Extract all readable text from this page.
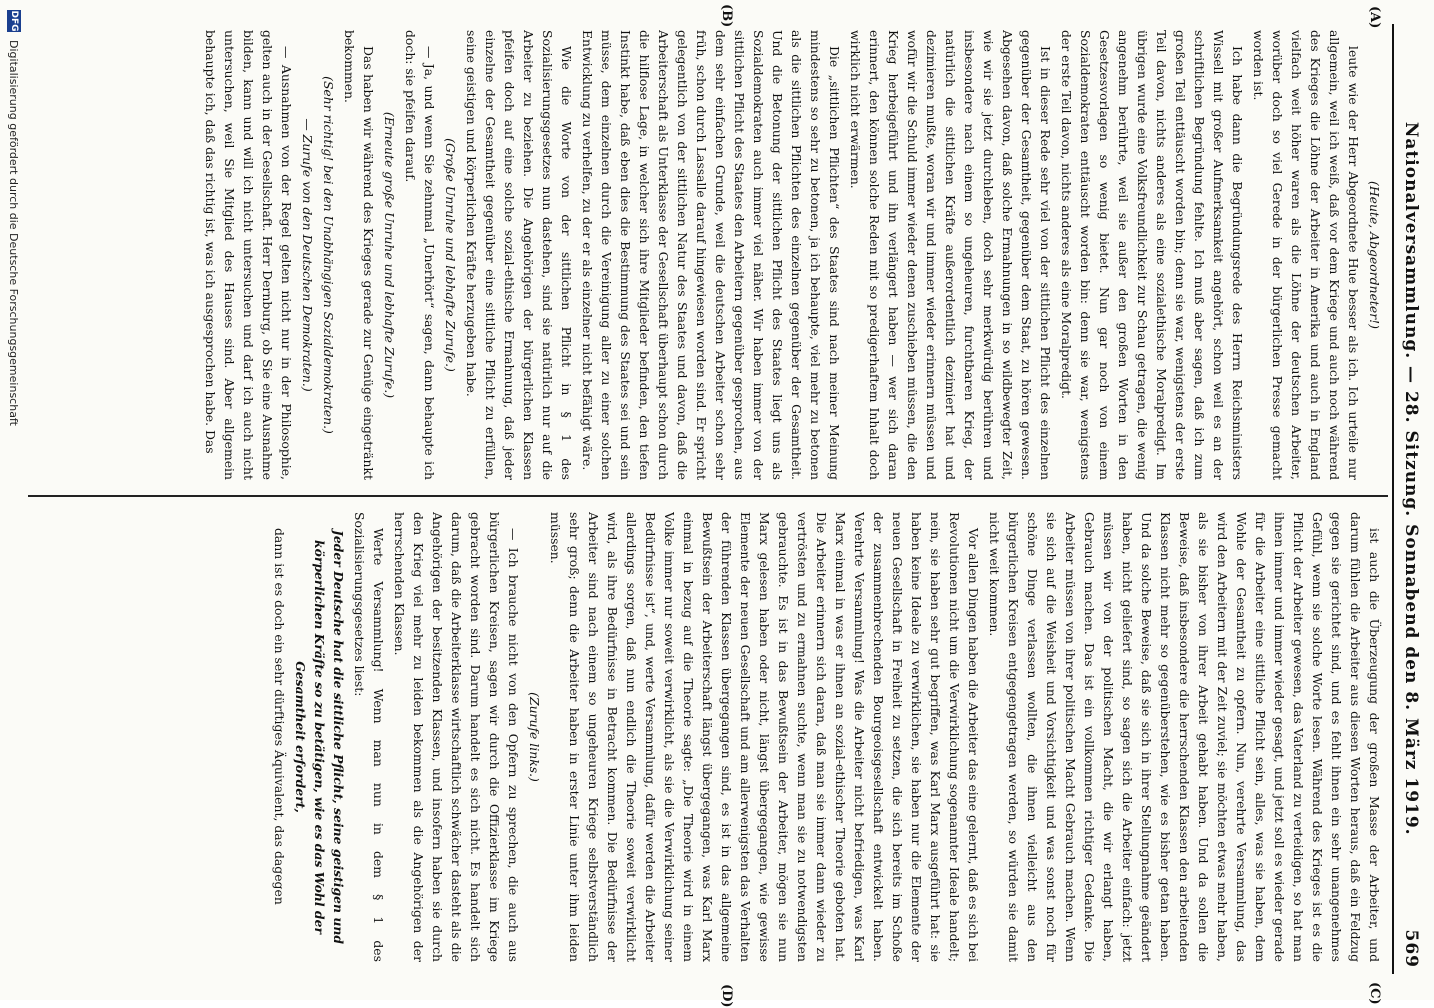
Nationalversammlung. — 28. Sitzung. Sonnabend den 8. März 1919.
569
(A)
(B)
(C)
(D)

(Heute, Abgeordneter!)

leute wie der Herr Abgeordnete Hue besser als ich. Ich urteile nur allgemein, weil ich weiß, daß vor dem Kriege und auch noch während des Krieges die Löhne der Arbeiter in Amerika und auch in England vielfach weit höher waren als die Löhne der deutschen Arbeiter, worüber doch so viel Gerede in der bürgerlichen Presse gemacht worden ist.

Ich habe dann die Begründungsrede des Herrn Reichsministers Wissell mit großer Aufmerksamkeit angehört, schon weil es an der schriftlichen Begründung fehlte. Ich muß aber sagen, daß ich zum großen Teil enttäuscht worden bin; denn sie war, wenigstens der erste Teil davon, nichts anderes als eine sozialethische Moralpredigt. Im übrigen wurde eine Volksfreundlichkeit zur Schau getragen, die wenig angenehm berührte, weil sie außer den großen Worten in den Gesetzesvorlagen so wenig bietet. Nun gar noch von einem Sozialdemokraten enttäuscht worden bin: denn sie war, wenigstens der erste Teil davon, nichts anderes als eine Moralpredigt.

Ist in dieser Rede sehr viel von der sittlichen Pflicht des einzelnen gegenüber der Gesamtheit, gegenüber dem Staat, zu hören gewesen. Abgesehen davon, daß solche Ermahnungen in so wildbewegter Zeit, wie wir sie jetzt durchleben, doch sehr merkwürdig berühren und insbesondere nach einem so ungeheuren, furchtbaren Krieg, der natürlich die sittlichen Kräfte außerordentlich dezimiert hat und dezimieren mußte, woran wir und immer wieder erinnern müssen und wofür wir die Schuld immer wieder denen zuschieben müssen, die den Krieg herbeigeführt und ihn verlängert haben — wer sich daran erinnert, den können solche Reden mit so predigerhaftem Inhalt doch wirklich nicht erwärmen.

Die „sittlichen Pflichten“ des Staates sind nach meiner Meinung mindestens so sehr zu betonen, ja ich behaupte, viel mehr zu betonen als die sittlichen Pflichten des einzelnen gegenüber der Gesamtheit. Und die Betonung der sittlichen Pflicht des Staates liegt uns als Sozialdemokraten auch immer viel näher. Wir haben immer von der sittlichen Pflicht des Staates den Arbeitern gegenüber gesprochen, aus dem sehr einfachen Grunde, weil die deutschen Arbeiter schon sehr früh, schon durch Lassalle darauf hingewiesen worden sind. Er spricht gelegentlich von der sittlichen Natur des Staates und davon, daß die Arbeiterschaft als Unterklasse der Gesellschaft überhaupt schon durch die hilflose Lage, in welcher sich ihre Mitglieder befinden, den tiefen Instinkt habe, daß eben dies die Bestimmung des Staates sei und sein müsse, dem einzelnen durch die Vereinigung aller zu einer solchen Entwicklung zu verhelfen, zu der er als einzelner nicht befähigt wäre.

Wie die Worte von der sittlichen Pflicht in § 1 des Sozialisierungsgesetzes nun dastehen, sind sie natürlich nur auf die Arbeiter zu beziehen. Die Angehörigen der bürgerlichen Klassen pfeifen doch auf eine solche sozial-ethische Ermahnung, daß jeder einzelne der Gesamtheit gegenüber eine sittliche Pflicht zu erfüllen, seine geistigen und körperlichen Kräfte herzugeben habe.

(Große Unruhe und lebhafte Zurufe.)

— Ja, und wenn Sie zehnmal „Unerhört“ sagen, dann behaupte ich doch: sie pfeifen darauf.

(Erneute große Unruhe und lebhafte Zurufe.)

Das haben wir während des Krieges gerade zur Genüge eingetränkt bekommen.

(Sehr richtig! bei den Unabhängigen Sozialdemokraten.)

— Zurufe von den Deutschen Demokraten.)

— Ausnahmen von der Regel gelten nicht nur in der Philosophie, gelten auch in der Gesellschaft. Herr Dernburg, ob Sie eine Ausnahme bilden, kann und will ich nicht untersuchen und darf ich auch nicht untersuchen, weil Sie Mitglied des Hauses sind. Aber allgemein behaupte ich, daß das richtig ist, was ich ausgesprochen habe. Das

ist auch die Überzeugung der großen Masse der Arbeiter, und darum fühlen die Arbeiter aus diesen Worten heraus, daß ein Feldzug gegen sie gerichtet sind, und es fehlt ihnen ein sehr unangenehmes Gefühl, wenn sie solche Worte lesen. Während des Krieges ist es die Pflicht der Arbeiter gewesen, das Vaterland zu verteidigen, so hat man ihnen immer und immer wieder gesagt, und jetzt soll es wieder gerade für die Arbeiter eine sittliche Pflicht sein, alles, was sie haben, dem Wohle der Gesamtheit zu opfern. Nun, verehrte Versammlung, das wird den Arbeitern mit der Zeit zuviel; sie möchten etwas mehr haben, als sie bisher von ihrer Arbeit gehabt haben. Und da sollen die Beweise, daß insbesondere die herrschenden Klassen den arbeitenden Klassen nicht mehr so gegenüberstehen, wie es bisher getan haben. Und da solche Beweise, daß sie sich in ihrer Stellungnahme geändert haben, nicht geliefert sind, so sagen sich die Arbeiter einfach: jetzt müssen wir von der politischen Macht, die wir erlangt haben, Gebrauch machen. Das ist ein vollkommen richtiger Gedanke. Die Arbeiter müssen von ihrer politischen Macht Gebrauch machen. Wenn sie sich auf die Weisheit und Vorsichtigkeit und was sonst noch für schöne Dinge verlassen wollten, die ihnen vielleicht aus den bürgerlichen Kreisen entgegengetragen werden, so würden sie damit nicht weit kommen.

Vor allen Dingen haben die Arbeiter das eine gelernt, daß es sich bei Revolutionen nicht um die Verwirklichung sogenannter Ideale handelt; nein, sie haben sehr gut begriffen, was Karl Marx ausgeführt hat: sie haben keine Ideale zu verwirklichen, sie haben nur die Elemente der neuen Gesellschaft in Freiheit zu setzen, die sich bereits im Schoße der zusammenbrechenden Bourgeoisgesellschaft entwickelt haben. Verehrte Versammlung! Was die Arbeiter nicht befriedigen, was Karl Marx einmal in was er ihnen an sozial-ethischer Theorie geboten hat. Die Arbeiter erinnern sich daran, daß man sie immer dann wieder zu vertrösten und zu ermahnen suchte, wenn man sie zu notwendigsten gebrauchte. Es ist in das Bewußtsein der Arbeiter, mögen sie nun Marx gelesen haben oder nicht, längst übergegangen, wie gewisse Elemente der neuen Gesellschaft und am allerwenigsten das Verhalten der führenden Klassen übergegangen sind, es ist in das allgemeine Bewußtsein der Arbeiterschaft längst übergegangen, was Karl Marx einmal in bezug auf die Theorie sagte: „Die Theorie wird in einem Volke immer nur soweit verwirklicht, als sie die Verwirklichung seiner Bedürfnisse ist“, und, werte Versammlung, dafür werden die Arbeiter allerdings sorgen, daß nun endlich die Theorie soweit verwirklicht wird, als ihre Bedürfnisse in Betracht kommen. Die Bedürfnisse der Arbeiter sind nach einem so ungeheuren Kriege selbstverständlich sehr groß; denn die Arbeiter haben in erster Linie unter ihm leiden müssen.

(Zurufe links.)

— Ich brauche nicht von den Opfern zu sprechen, die auch aus bürgerlichen Kreisen, sagen wir durch die Offizierklasse im Kriege gebracht worden sind. Darum handelt es sich nicht. Es handelt sich darum, daß die Arbeiterklasse wirtschaftlich schwächer dasteht als die Angehörigen der besitzenden Klassen, und insofern haben sie durch den Krieg viel mehr zu leiden bekommen als die Angehörigen der herrschenden Klassen.

Werte Versammlung! Wenn man nun in dem § 1 des Sozialisierungsgesetzes liest:

Jeder Deutsche hat die sittliche Pflicht, seine geistigen und körperlichen Kräfte so zu betätigen, wie es das Wohl der Gesamtheit erfordert,

dann ist es doch ein sehr dürftiges Äquivalent, das dagegen

DFG
Digitalisierung gefördert durch die Deutsche Forschungsgemeinschaft
